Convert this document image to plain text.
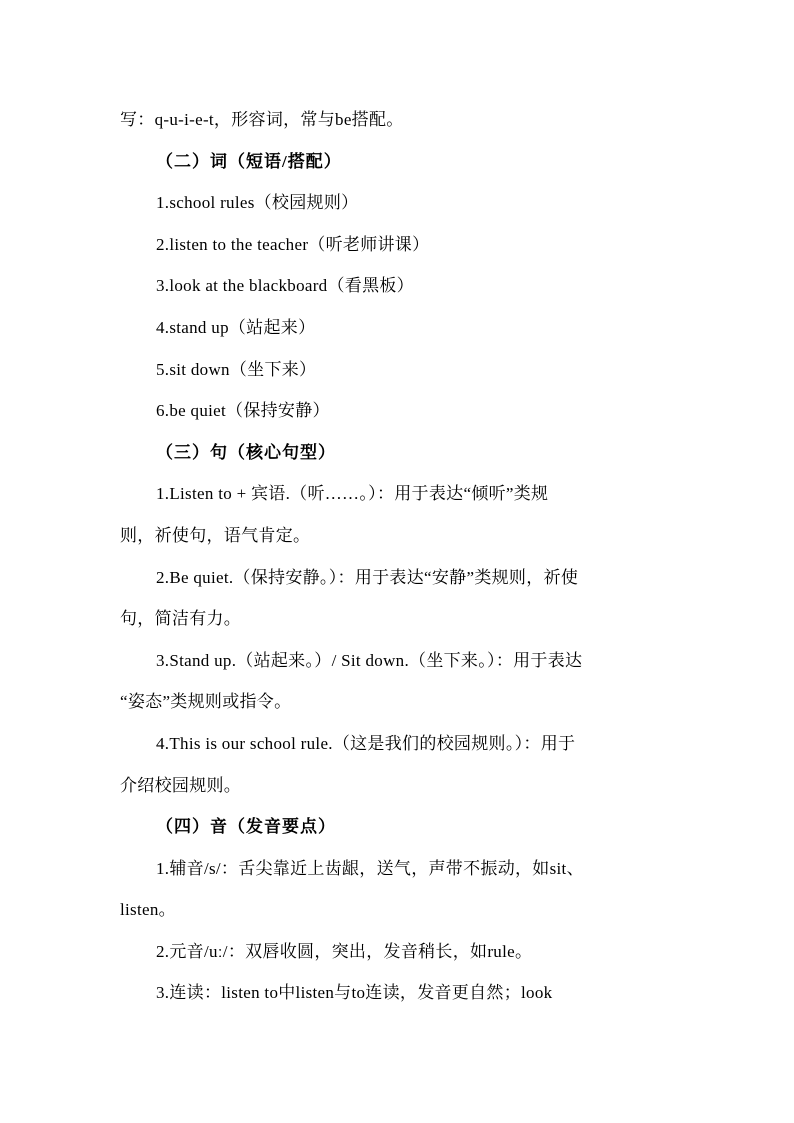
写：q-u-i-e-t，形容词，常与be搭配。
（二）词（短语/搭配）
1.school rules（校园规则）
2.listen to the teacher（听老师讲课）
3.look at the blackboard（看黑板）
4.stand up（站起来）
5.sit down（坐下来）
6.be quiet（保持安静）
（三）句（核心句型）
1.Listen to + 宾语.（听……。）：用于表达“倾听”类规
则，祈使句，语气肯定。
2.Be quiet.（保持安静。）：用于表达“安静”类规则，祈使
句，简洁有力。
3.Stand up.（站起来。）/ Sit down.（坐下来。）：用于表达
“姿态”类规则或指令。
4.This is our school rule.（这是我们的校园规则。）：用于
介绍校园规则。
（四）音（发音要点）
1.辅音/s/：舌尖靠近上齿龈，送气，声带不振动，如sit、
listen。
2.元音/uː/：双唇收圆，突出，发音稍长，如rule。
3.连读：listen to中listen与to连读，发音更自然；look
